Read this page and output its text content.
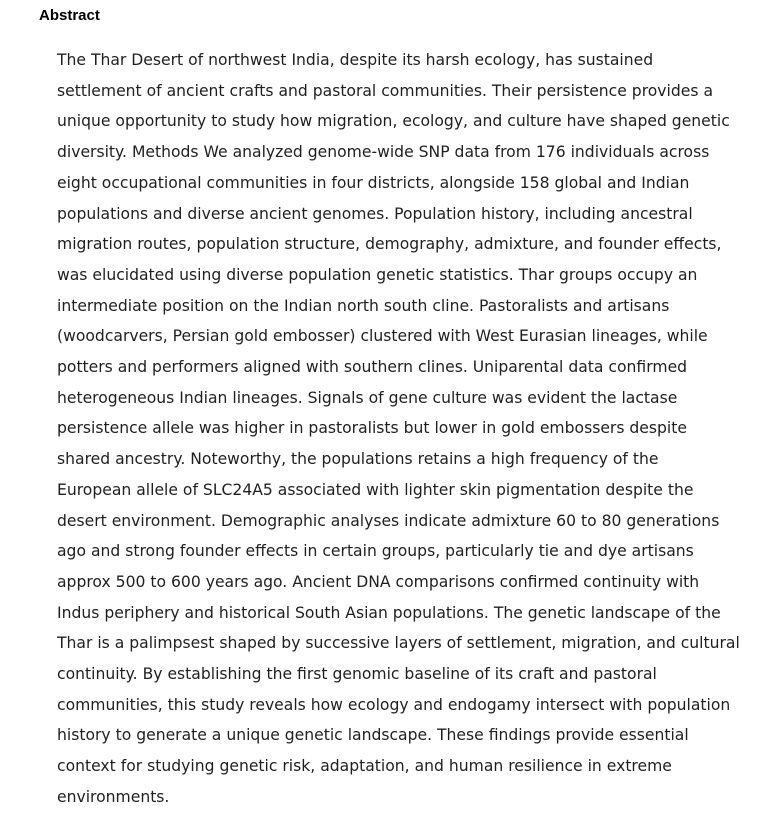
Abstract
The Thar Desert of northwest India, despite its harsh ecology, has sustained
settlement of ancient crafts and pastoral communities. Their persistence provides a
unique opportunity to study how migration, ecology, and culture have shaped genetic
diversity. Methods We analyzed genome-wide SNP data from 176 individuals across
eight occupational communities in four districts, alongside 158 global and Indian
populations and diverse ancient genomes. Population history, including ancestral
migration routes, population structure, demography, admixture, and founder effects,
was elucidated using diverse population genetic statistics. Thar groups occupy an
intermediate position on the Indian north south cline. Pastoralists and artisans
(woodcarvers, Persian gold embosser) clustered with West Eurasian lineages, while
potters and performers aligned with southern clines. Uniparental data confirmed
heterogeneous Indian lineages. Signals of gene culture was evident the lactase
persistence allele was higher in pastoralists but lower in gold embossers despite
shared ancestry. Noteworthy, the populations retains a high frequency of the
European allele of SLC24A5 associated with lighter skin pigmentation despite the
desert environment. Demographic analyses indicate admixture 60 to 80 generations
ago and strong founder effects in certain groups, particularly tie and dye artisans
approx 500 to 600 years ago. Ancient DNA comparisons confirmed continuity with
Indus periphery and historical South Asian populations. The genetic landscape of the
Thar is a palimpsest shaped by successive layers of settlement, migration, and cultural
continuity. By establishing the first genomic baseline of its craft and pastoral
communities, this study reveals how ecology and endogamy intersect with population
history to generate a unique genetic landscape. These findings provide essential
context for studying genetic risk, adaptation, and human resilience in extreme
environments.
